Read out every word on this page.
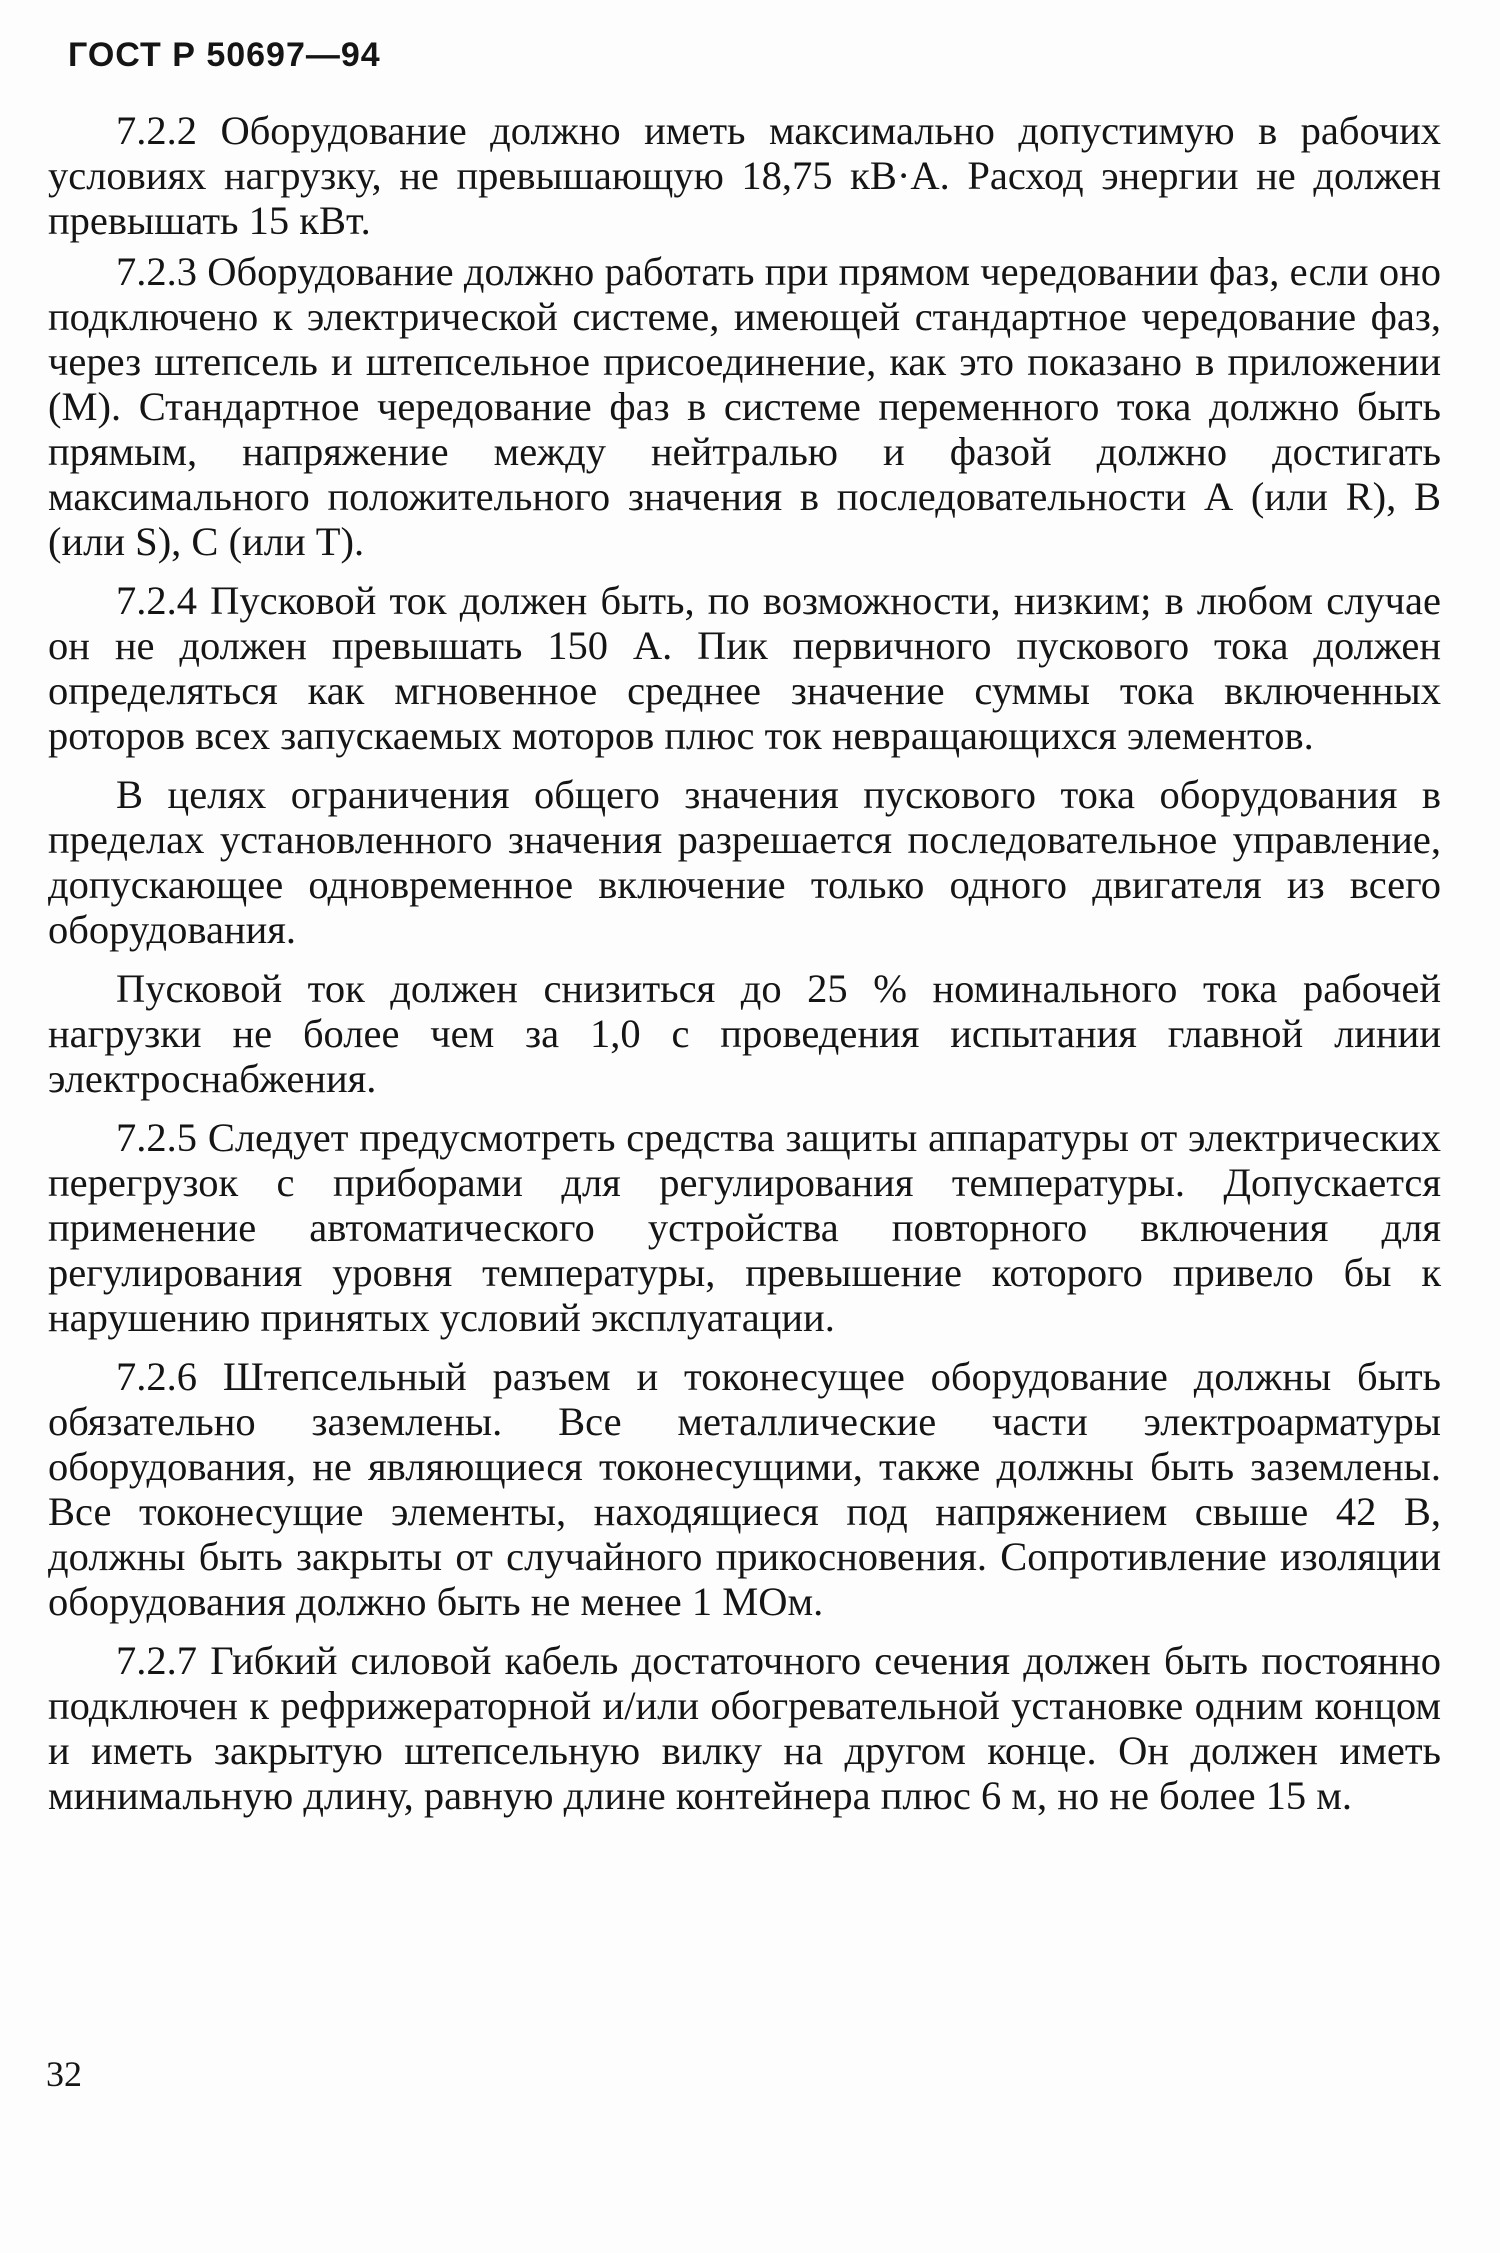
ГОСТ Р 50697—94

7.2.2 Оборудование должно иметь максимально допустимую в рабочих условиях нагрузку, не превышающую 18,75 кВ·А. Расход энергии не должен превышать 15 кВт.

7.2.3 Оборудование должно работать при прямом чередовании фаз, если оно подключено к электрической системе, имеющей стандартное чередование фаз, через штепсель и штепсельное присоединение, как это показано в приложении (М). Стандартное чередование фаз в системе переменного тока должно быть прямым, напряжение между нейтралью и фазой должно достигать максимального положительного значения в последовательности А (или R), В (или S), С (или Т).

7.2.4 Пусковой ток должен быть, по возможности, низким; в любом случае он не должен превышать 150 А. Пик первичного пускового тока должен определяться как мгновенное среднее значение суммы тока включенных роторов всех запускаемых моторов плюс ток невращающихся элементов.

В целях ограничения общего значения пускового тока оборудования в пределах установленного значения разрешается последовательное управление, допускающее одновременное включение только одного двигателя из всего оборудования.

Пусковой ток должен снизиться до 25 % номинального тока рабочей нагрузки не более чем за 1,0 с проведения испытания главной линии электроснабжения.

7.2.5 Следует предусмотреть средства защиты аппаратуры от электрических перегрузок с приборами для регулирования температуры. Допускается применение автоматического устройства повторного включения для регулирования уровня температуры, превышение которого привело бы к нарушению принятых условий эксплуатации.

7.2.6 Штепсельный разъем и токонесущее оборудование должны быть обязательно заземлены. Все металлические части электроарматуры оборудования, не являющиеся токонесущими, также должны быть заземлены. Все токонесущие элементы, находящиеся под напряжением свыше 42 В, должны быть закрыты от случайного прикосновения. Сопротивление изоляции оборудования должно быть не менее 1 МОм.

7.2.7 Гибкий силовой кабель достаточного сечения должен быть постоянно подключен к рефрижераторной и/или обогревательной установке одним концом и иметь закрытую штепсельную вилку на другом конце. Он должен иметь минимальную длину, равную длине контейнера плюс 6 м, но не более 15 м.

32
